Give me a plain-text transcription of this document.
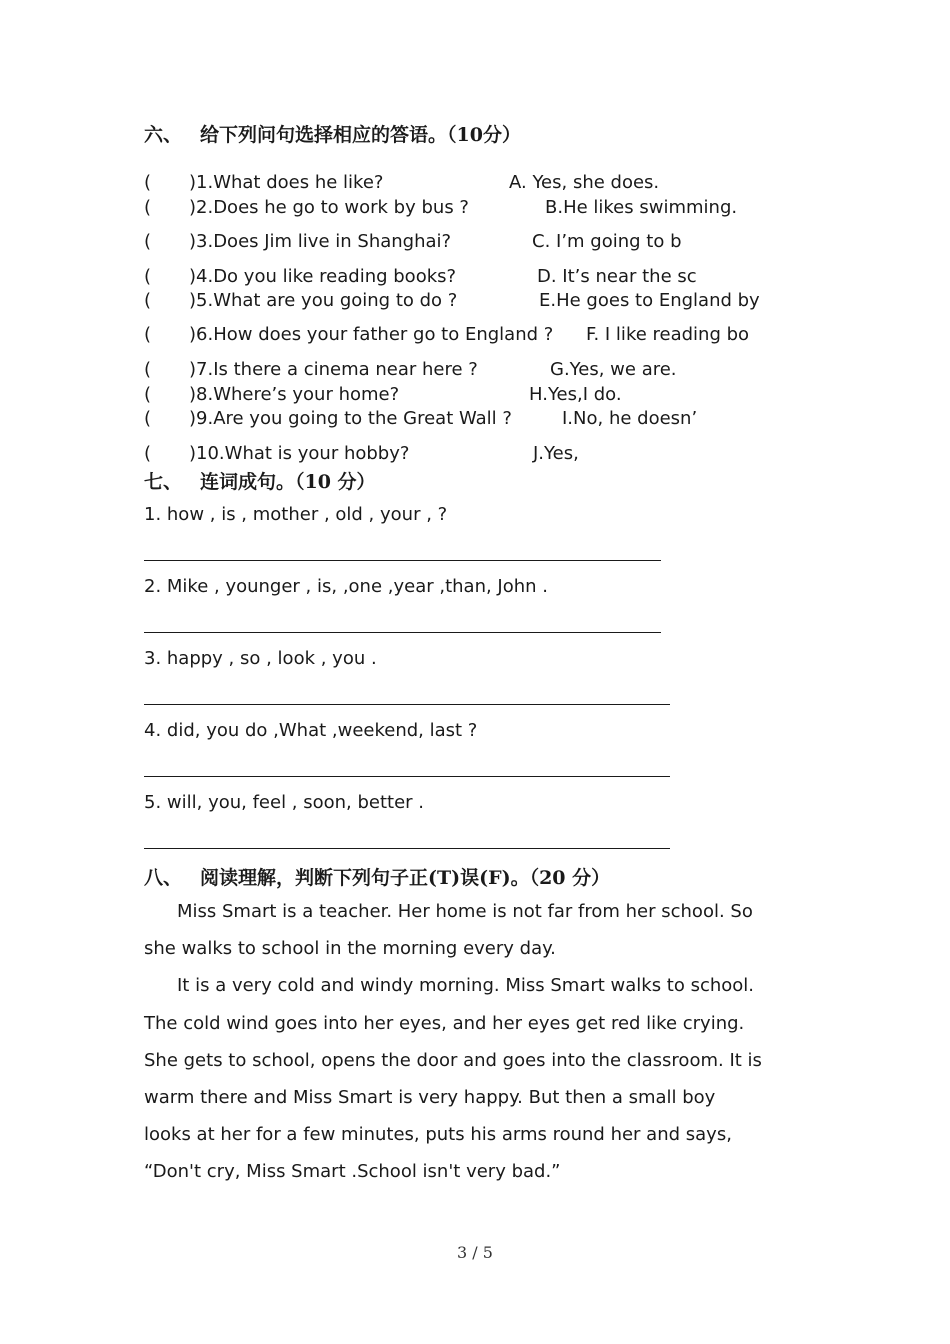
六、 给下列问句选择相应的答语。（10分）
( )1.What does he like?	A. Yes, she does.
( )2.Does he go to work by bus ?	B.He likes swimming.
( )3.Does Jim live in Shanghai?	C. I’m going to b
( )4.Do you like reading books?	D. It’s near the sc
( )5.What are you going to do ?	E.He goes to England by
( )6.How does your father go to England ? F. I like reading bo
( )7.Is there a cinema near here ?	G.Yes, we are.
( )8.Where’s your home?	H.Yes,I do.
( )9.Are you going to the Great Wall ?	I.No, he doesn’
( )10.What is your hobby?	J.Yes,
七、 连词成句。（10 分）
1. how , is , mother , old , your , ?
2. Mike , younger , is, ,one ,year ,than, John .
3. happy , so , look , you .
4. did, you do ,What ,weekend, last ?
5. will, you, feel , soon, better .
八、 阅读理解，判断下列句子正(T)误(F)。（20 分）
Miss Smart is a teacher. Her home is not far from her school. So
she walks to school in the morning every day.
It is a very cold and windy morning. Miss Smart walks to school.
The cold wind goes into her eyes, and her eyes get red like crying.
She gets to school, opens the door and goes into the classroom. It is
warm there and Miss Smart is very happy. But then a small boy
looks at her for a few minutes, puts his arms round her and says,
“Don't cry, Miss Smart .School isn't very bad.”
3 / 5
